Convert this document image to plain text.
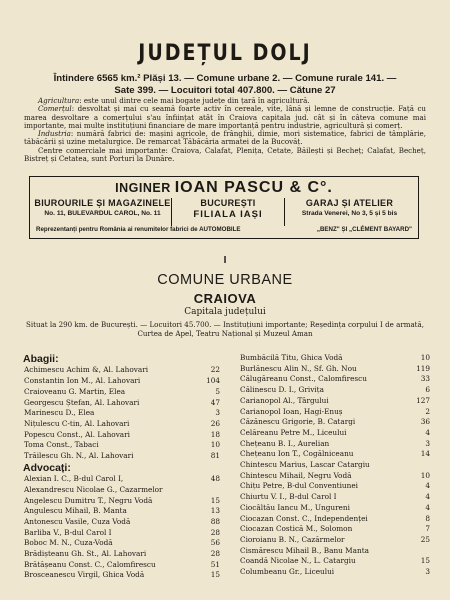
JUDEȚUL DOLJ
Întindere 6565 km.² Plăși 13. — Comune urbane 2. — Comune rurale 141. —
Sate 399. — Locuitori total 407.800. — Cătune 27

Agricultura: este unul dintre cele mai bogate județe din țară în agricultură.

Comerțul: desvoltat și mai cu seamă foarte activ în cereale, vite, lână și lemne de construcție. Față cu marea desvoltare a comerțului s'au înființat atât în Craiova capitala jud. cât și în câteva comune mai importante, mai multe instituțiuni financiare de mare importanță pentru industrie, agricultură și comerț.

Industria: numără fabrici de: mașini agricole, de frânghii, dimie, mori sistematice, fabrici de tâmplărie, tăbăcării și uzine metalurgice. De remarcat Tăbăcăria armatei de la Bucovăț.

Centre comerciale mai importante: Craiova, Calafat, Plenița, Cetate, Băilești și Becheț; Calafat, Becheț, Bistreț și Cetatea, sunt Porturi la Dunăre.

INGINER IOAN PASCU & C°.
BIUROURILE ȘI MAGAZINELE
No. 11, BULEVARDUL CAROL, No. 11
BUCUREȘTI
FILIALA IAȘI
GARAJ ȘI ATELIER
Strada Venerei, No 3, 5 și 5 bis
Reprezentanți pentru România ai renumitelor fabrici de AUTOMOBILE	„BENZ" ȘI „CLÉMENT BAYARD"
I
COMUNE URBANE
CRAIOVA
Capitala județului
Situat la 290 km. de București. — Locuitori 45.700. — Instituțiuni importante; Reședința corpului I de armată, Curtea de Apel, Teatru Național și Muzeul Aman
Abagii:
Achimescu Achim &, Al. Lahovari	22
Constantin Ion M., Al. Lahovari	104
Craioveanu G. Martin, Elea	5
Georgescu Ștefan, Al. Lahovari	47
Marinescu D., Elea	3
Nițulescu C-tin, Al. Lahovari	26
Popescu Const., Al. Lahovari	18
Toma Const., Tabaci	10
Trăilescu Gh. N., Al. Lahovari	81
Advocați:
Alexian I. C., B-dul Carol I,	48
Alexandrescu Nicolae G., Cazarmelor
Angelescu Dumitru T., Negru Vodă	15
Angulescu Mihail, B. Manta	13
Antonescu Vasile, Cuza Vodă	88
Barliba V., B-dul Carol I	28
Boboc M. N., Cuza-Vodă	56
Brădișteanu Gh. St., Al. Lahovari	28
Brătășeanu Const. C., Calomfirescu	51
Brosceanescu Virgil, Ghica Vodă	15
Bumbăcilă Titu, Ghica Vodă	10
Burlănescu Alin N., Sf. Gh. Nou	119
Călugăreanu Const., Calomfirescu	33
Călinescu D. I., Grivița	6
Carianopol Al., Târgului	127
Carianopol Ioan, Hagi-Enuș	2
Căzănescu Grigorie, B. Catargi	36
Celăreanu Petre M., Liceului	4
Chețeanu B. I., Aurelian	3
Chețeanu Ion T., Cogălniceanu	14
Chintescu Marius, Lascar Catargiu
Chintescu Mihail, Negru Vodă	10
Chițu Petre, B-dul Conventiunei	4
Chiurtu V. I., B-dul Carol I	4
Ciocâltău Iancu M., Ungureni	4
Ciocazan Const. C., Independenței	8
Ciocazan Costică M., Solomon	7
Cioroianu B. N., Cazărmelor	25
Cismărescu Mihail B., Banu Manta
Coandă Nicolae N., L. Catargiu	15
Columbeanu Gr., Liceului	3
